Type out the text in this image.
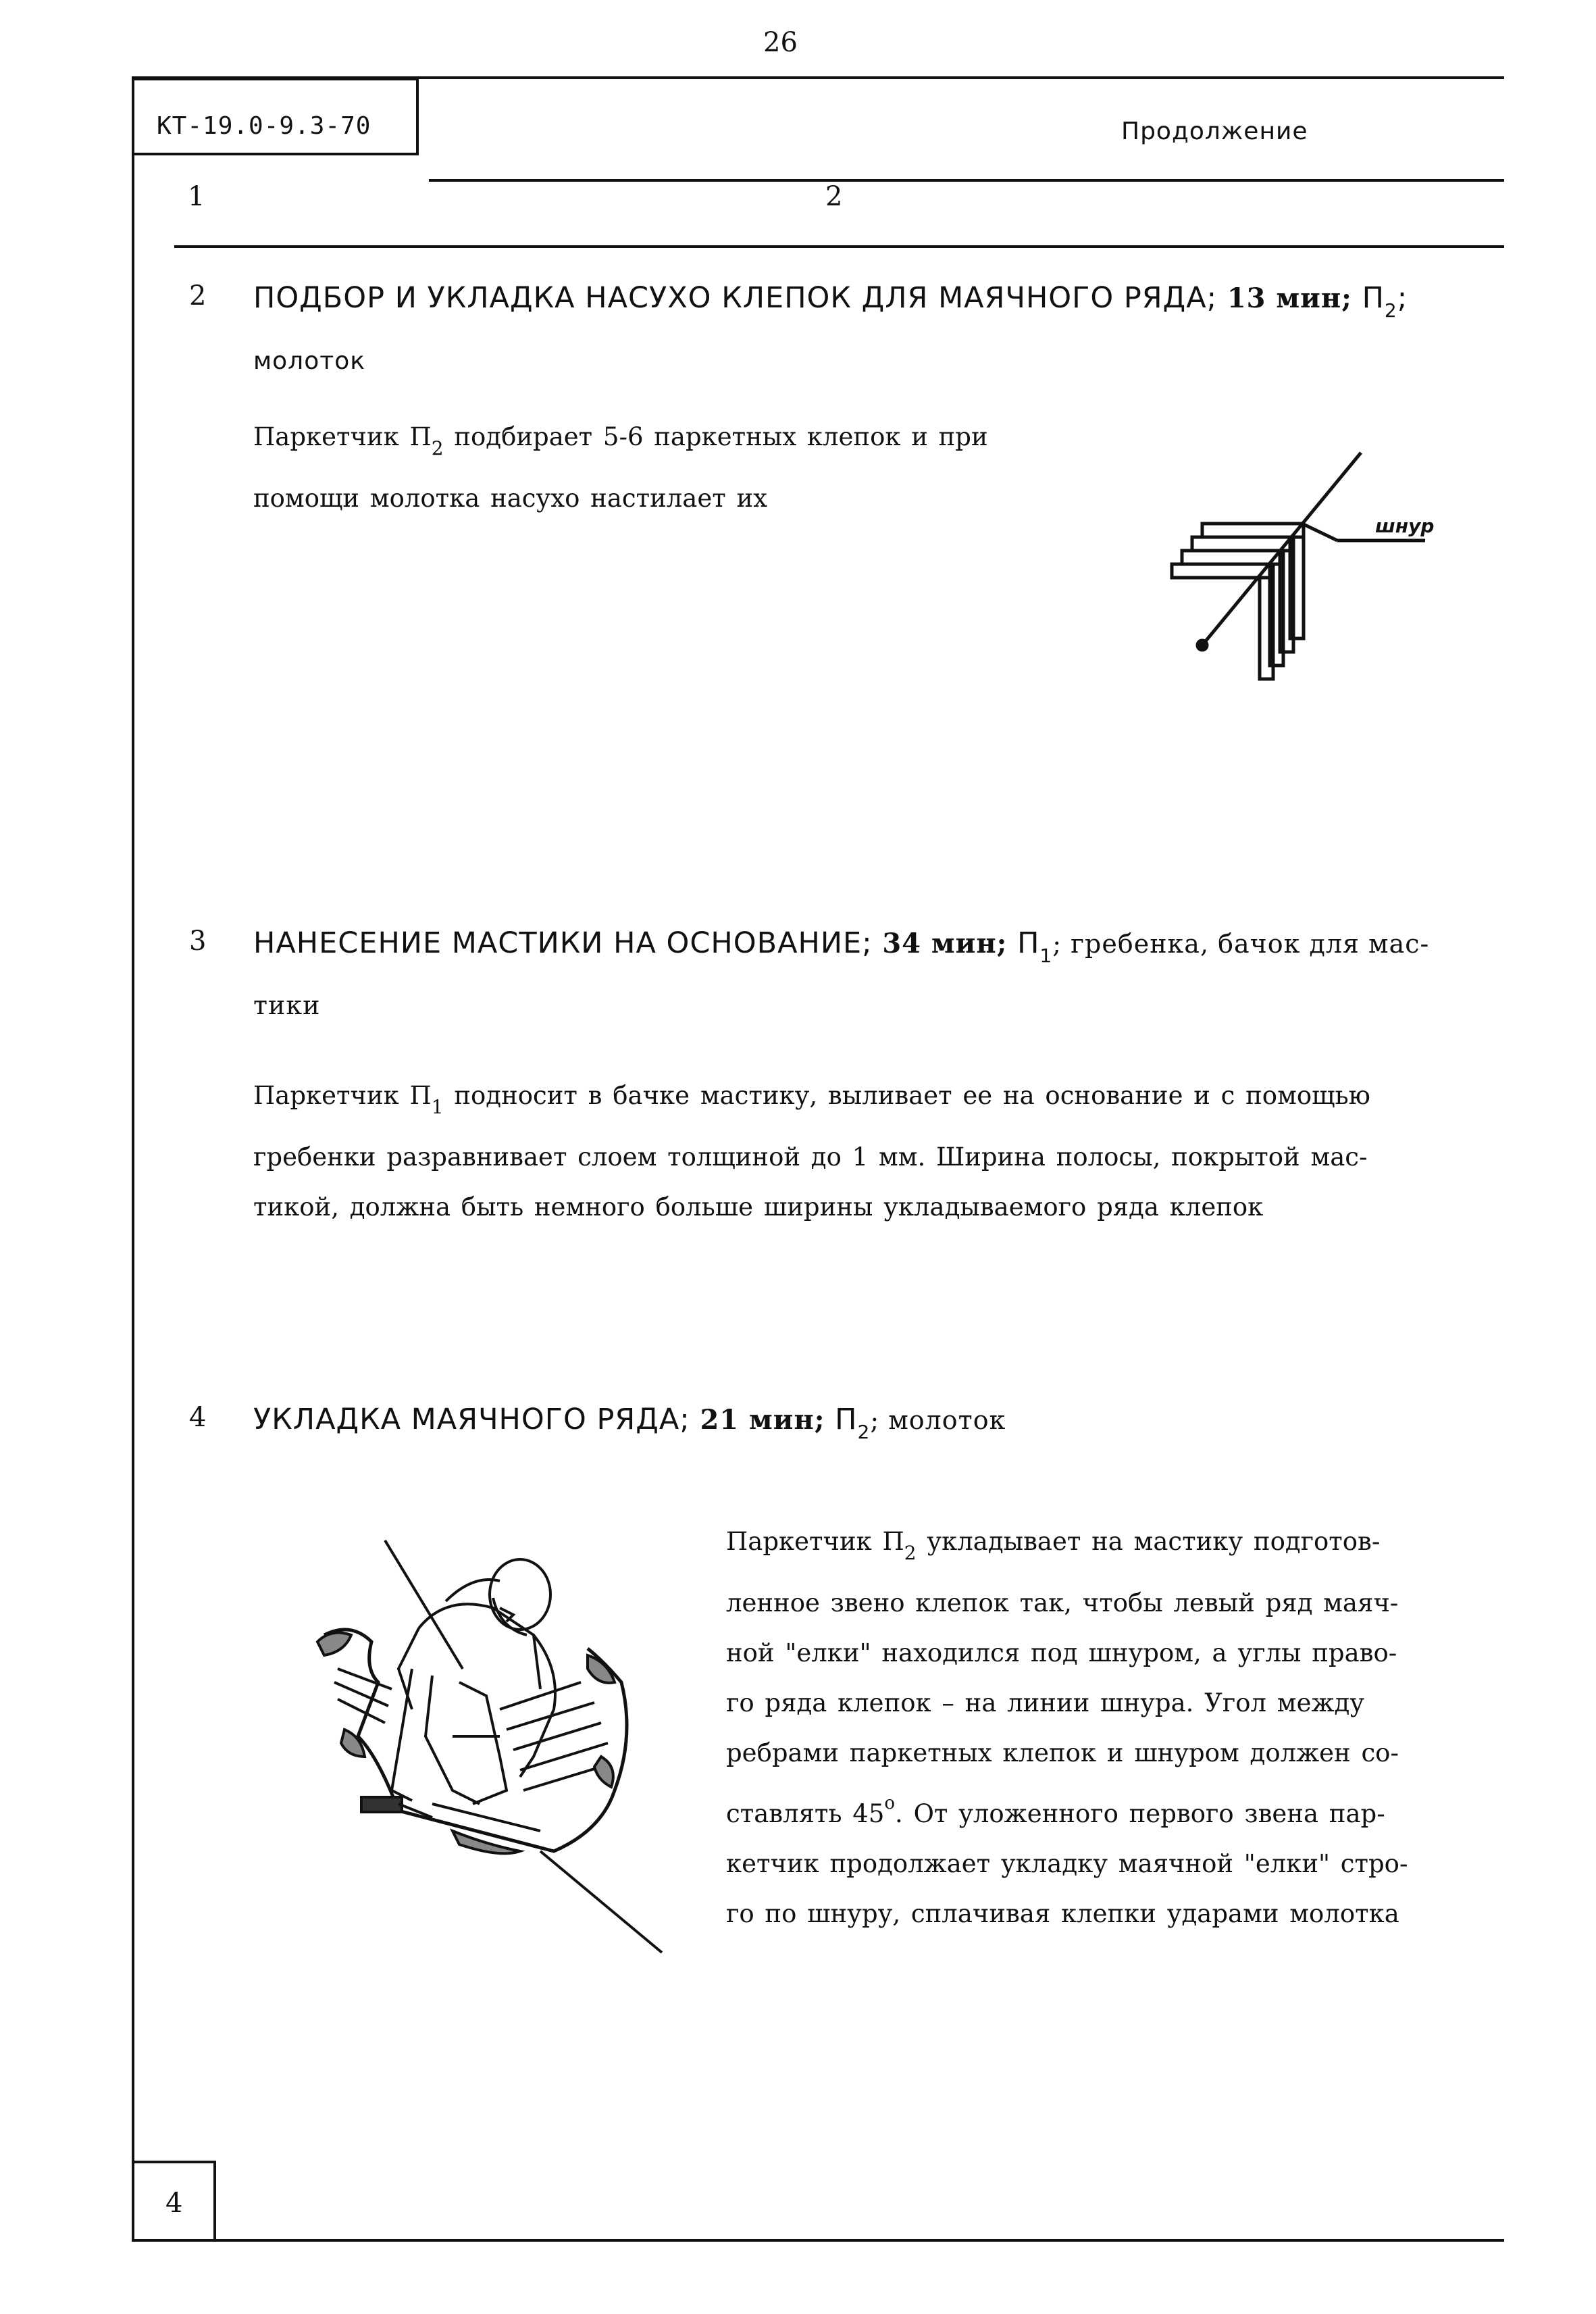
26
КТ-19.0-9.3-70	Продолжение
1	2
2 ПОДБОР И УКЛАДКА НАСУХО КЛЕПОК ДЛЯ МАЯЧНОГО РЯДА; 13 мин; $П_2$;
молоток
Паркетчик $П_2$ подбирает 5-6 паркетных клепок и при
помощи молотка насухо настилает их
шнур
3 НАНЕСЕНИЕ МАСТИКИ НА ОСНОВАНИЕ; 34 мин; $П_1$; гребенка, бачок для мас-
тики
Паркетчик $П_1$ подносит в бачке мастику, выливает ее на основание и с помощью
гребенки разравнивает слоем толщиной до 1 мм. Ширина полосы, покрытой мас-
тикой, должна быть немного больше ширины укладываемого ряда клепок
4 УКЛАДКА МАЯЧНОГО РЯДА; 21 мин; $П_2$; молоток
Паркетчик $П_2$ укладывает на мастику подготов-
ленное звено клепок так, чтобы левый ряд маяч-
ной "елки" находился под шнуром, а углы право-
го ряда клепок – на линии шнура. Угол между
ребрами паркетных клепок и шнуром должен со-
ставлять 45$^o$. От уложенного первого звена пар-
кетчик продолжает укладку маячной "елки" стро-
го по шнуру, сплачивая клепки ударами молотка
4
